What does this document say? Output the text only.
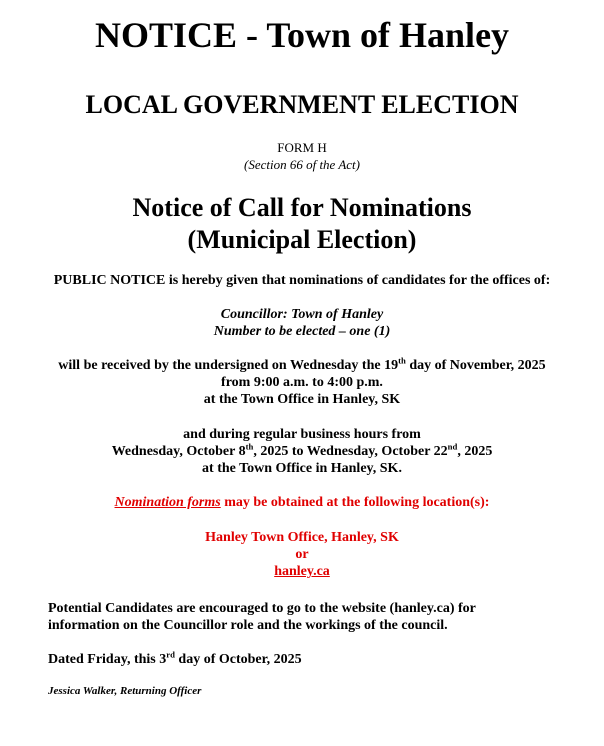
NOTICE - Town of Hanley
LOCAL GOVERNMENT ELECTION
FORM H
(Section 66 of the Act)
Notice of Call for Nominations
(Municipal Election)
PUBLIC NOTICE is hereby given that nominations of candidates for the offices of:
Councillor: Town of Hanley
Number to be elected – one (1)
will be received by the undersigned on Wednesday the 19th day of November, 2025
from 9:00 a.m. to 4:00 p.m.
at the Town Office in Hanley, SK
and during regular business hours from
Wednesday, October 8th, 2025 to Wednesday, October 22nd, 2025
at the Town Office in Hanley, SK.
Nomination forms may be obtained at the following location(s):
Hanley Town Office, Hanley, SK
or
hanley.ca
Potential Candidates are encouraged to go to the website (hanley.ca) for
information on the Councillor role and the workings of the council.
Dated Friday, this 3rd day of October, 2025
Jessica Walker, Returning Officer
